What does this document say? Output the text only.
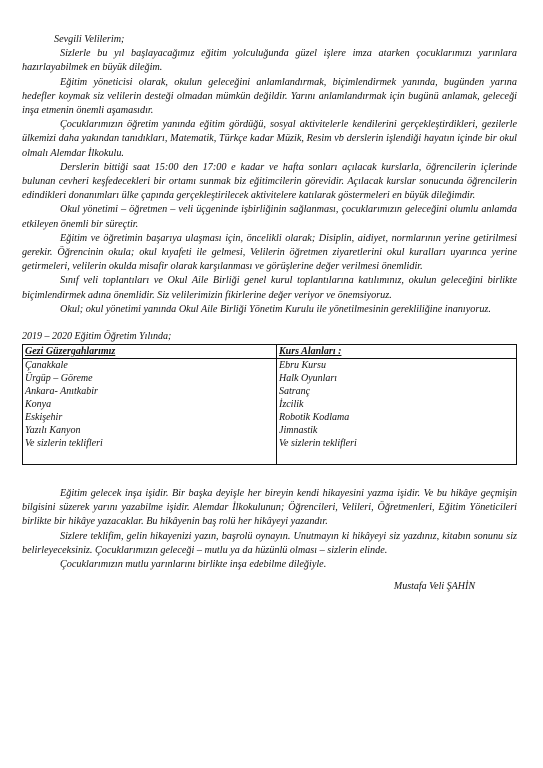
Sevgili Velilerim;

Sizlerle bu yıl başlayacağımız eğitim yolculuğunda güzel işlere imza atarken çocuklarımızı yarınlara hazırlayabilmek en büyük dileğim.

Eğitim yöneticisi olarak, okulun geleceğini anlamlandırmak, biçimlendirmek yanında, bugünden yarına hedefler koymak siz velilerin desteği olmadan mümkün değildir. Yarını anlamlandırmak için bugünü anlamak, geleceği inşa etmenin önemli aşamasıdır.

Çocuklarımızın öğretim yanında eğitim gördüğü, sosyal aktivitelerle kendilerini gerçekleştirdikleri, gezilerle ülkemizi daha yakından tanıdıkları, Matematik, Türkçe kadar Müzik, Resim vb derslerin işlendiği hayatın içinde bir okul olmalı Alemdar İlkokulu.

Derslerin bittiği saat 15:00 den 17:00 e kadar ve hafta sonları açılacak kurslarla, öğrencilerin içlerinde bulunan cevheri keşfedecekleri bir ortamı sunmak biz eğitimcilerin görevidir. Açılacak kurslar sonucunda öğrencilerin edindikleri donanımları ülke çapında gerçekleştirilecek aktivitelere katılarak göstermeleri en büyük dileğimdir.

Okul yönetimi – öğretmen – veli üçgeninde işbirliğinin sağlanması, çocuklarımızın geleceğini olumlu anlamda etkileyen önemli bir süreçtir.

Eğitim ve öğretimin başarıya ulaşması için, öncelikli olarak; Disiplin, aidiyet, normlarının yerine getirilmesi gerekir. Öğrencinin okula; okul kıyafeti ile gelmesi, Velilerin öğretmen ziyaretlerini okul kuralları uyarınca yerine getirmeleri, velilerin okulda misafir olarak karşılanması ve görüşlerine değer verilmesi önemlidir.

Sınıf veli toplantıları ve Okul Aile Birliği genel kurul toplantılarına katılımınız, okulun geleceğini birlikte biçimlendirmek adına önemlidir. Siz velilerimizin fikirlerine değer veriyor ve önemsiyoruz.

Okul; okul yönetimi yanında Okul Aile Birliği Yönetim Kurulu ile yönetilmesinin gerekliliğine inanıyoruz.

2019 – 2020 Eğitim Öğretim Yılında;

Gezi Güzergahlarımız	Kurs Alanları :
Çanakkale	Ebru Kursu
Ürgüp – Göreme	Halk Oyunları
Ankara- Anıtkabir	Satranç
Konya	İzcilik
Eskişehir	Robotik Kodlama
Yazılı Kanyon	Jimnastik
Ve sizlerin teklifleri	Ve sizlerin teklifleri

Eğitim gelecek inşa işidir. Bir başka deyişle her bireyin kendi hikayesini yazma işidir. Ve bu hikâye geçmişin bilgisini süzerek yarını yazabilme işidir. Alemdar İlkokulunun; Öğrencileri, Velileri, Öğretmenleri, Eğitim Yöneticileri birlikte bir hikâye yazacaklar. Bu hikâyenin baş rolü her hikâyeyi yazandır.

Sizlere teklifim, gelin hikayenizi yazın, başrolü oynayın. Unutmayın ki hikâyeyi siz yazdınız, kitabın sonunu siz belirleyeceksiniz. Çocuklarımızın geleceği – mutlu ya da hüzünlü olması – sizlerin elinde.

Çocuklarımızın mutlu yarınlarını birlikte inşa edebilme dileğiyle.

Mustafa Veli ŞAHİN
